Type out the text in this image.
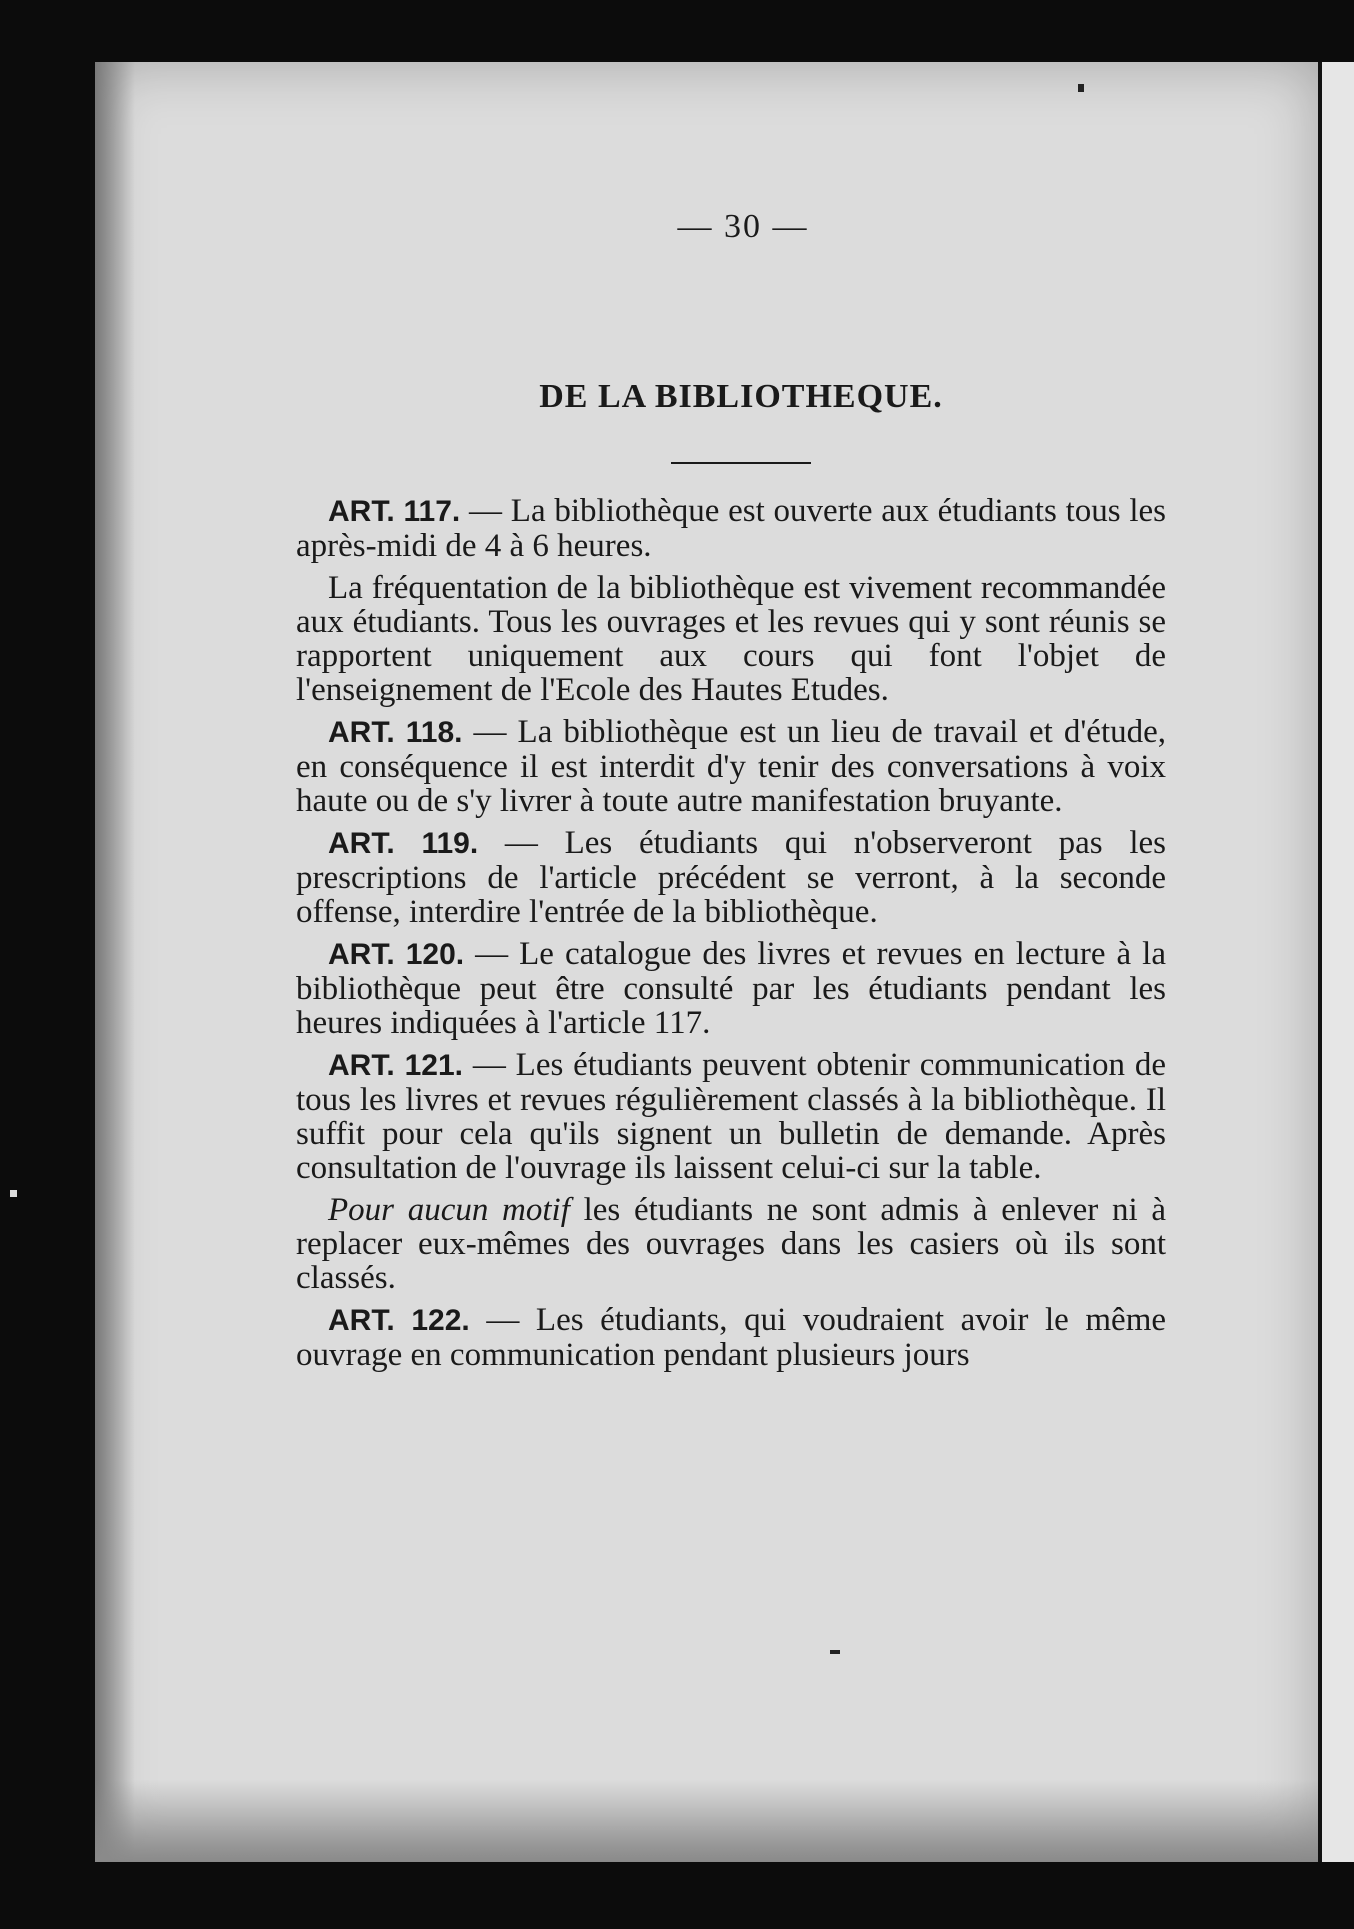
— 30 —
DE LA BIBLIOTHEQUE.

ART. 117. — La bibliothèque est ouverte aux étudiants tous les après-midi de 4 à 6 heures.

La fréquentation de la bibliothèque est vivement recommandée aux étudiants. Tous les ouvrages et les revues qui y sont réunis se rapportent uniquement aux cours qui font l'objet de l'enseignement de l'Ecole des Hautes Etudes.

ART. 118. — La bibliothèque est un lieu de travail et d'étude, en conséquence il est interdit d'y tenir des conversations à voix haute ou de s'y livrer à toute autre manifestation bruyante.

ART. 119. — Les étudiants qui n'observeront pas les prescriptions de l'article précédent se verront, à la seconde offense, interdire l'entrée de la bibliothèque.

ART. 120. — Le catalogue des livres et revues en lecture à la bibliothèque peut être consulté par les étudiants pendant les heures indiquées à l'article 117.

ART. 121. — Les étudiants peuvent obtenir communication de tous les livres et revues régulièrement classés à la bibliothèque. Il suffit pour cela qu'ils signent un bulletin de demande. Après consultation de l'ouvrage ils laissent celui-ci sur la table.

Pour aucun motif les étudiants ne sont admis à enlever ni à replacer eux-mêmes des ouvrages dans les casiers où ils sont classés.

ART. 122. — Les étudiants, qui voudraient avoir le même ouvrage en communication pendant plusieurs jours
